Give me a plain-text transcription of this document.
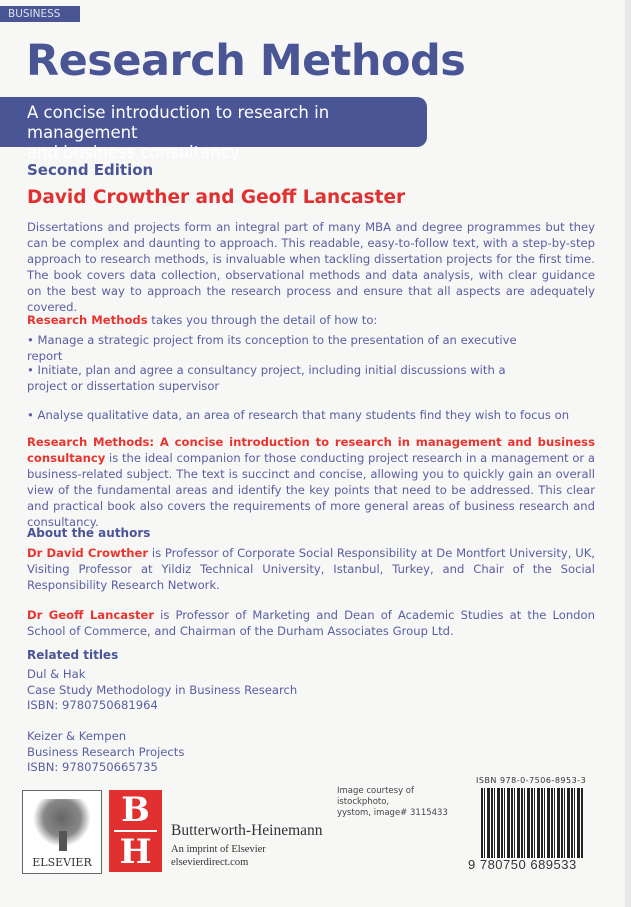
BUSINESS
Research Methods
A concise introduction to research in management
and business consultancy
Second Edition
David Crowther and Geoff Lancaster
Dissertations and projects form an integral part of many MBA and degree programmes but they can be complex and daunting to approach. This readable, easy-to-follow text, with a step-by-step approach to research methods, is invaluable when tackling dissertation projects for the first time. The book covers data collection, observational methods and data analysis, with clear guidance on the best way to approach the research process and ensure that all aspects are adequately covered.
Research Methods takes you through the detail of how to:
• Manage a strategic project from its conception to the presentation of an executive report
• Initiate, plan and agree a consultancy project, including initial discussions with a project or dissertation supervisor
• Analyse qualitative data, an area of research that many students find they wish to focus on
Research Methods: A concise introduction to research in management and business consultancy is the ideal companion for those conducting project research in a management or a business-related subject. The text is succinct and concise, allowing you to quickly gain an overall view of the fundamental areas and identify the key points that need to be addressed. This clear and practical book also covers the requirements of more general areas of business research and consultancy.
About the authors
Dr David Crowther is Professor of Corporate Social Responsibility at De Montfort University, UK, Visiting Professor at Yildiz Technical University, Istanbul, Turkey, and Chair of the Social Responsibility Research Network.
Dr Geoff Lancaster is Professor of Marketing and Dean of Academic Studies at the London School of Commerce, and Chairman of the Durham Associates Group Ltd.
Related titles
Dul & Hak
Case Study Methodology in Business Research
ISBN: 9780750681964
Keizer & Kempen
Business Research Projects
ISBN: 9780750665735
ELSEVIER
B
H
Butterworth-Heinemann
An imprint of Elsevier
elsevierdirect.com
Image courtesy of
istockphoto,
yystom, image# 3115433
ISBN 978-0-7506-8953-3
9 780750 689533
